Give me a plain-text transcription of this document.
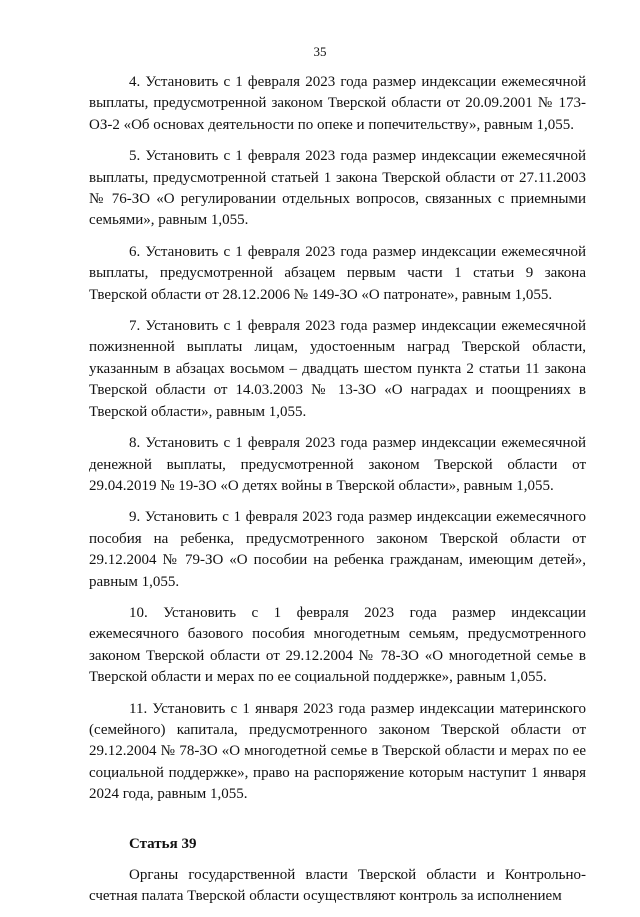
35

4. Установить с 1 февраля 2023 года размер индексации ежемесячной выплаты, предусмотренной законом Тверской области от 20.09.2001 № 173-ОЗ-2 «Об основах деятельности по опеке и попечительству», равным 1,055.

5. Установить с 1 февраля 2023 года размер индексации ежемесячной выплаты, предусмотренной статьей 1 закона Тверской области от 27.11.2003 № 76-ЗО «О регулировании отдельных вопросов, связанных с приемными семьями», равным 1,055.

6. Установить с 1 февраля 2023 года размер индексации ежемесячной выплаты, предусмотренной абзацем первым части 1 статьи 9 закона Тверской области от 28.12.2006 № 149-ЗО «О патронате», равным 1,055.

7. Установить с 1 февраля 2023 года размер индексации ежемесячной пожизненной выплаты лицам, удостоенным наград Тверской области, указанным в абзацах восьмом – двадцать шестом пункта 2 статьи 11 закона Тверской области от 14.03.2003 № 13-ЗО «О наградах и поощрениях в Тверской области», равным 1,055.

8. Установить с 1 февраля 2023 года размер индексации ежемесячной денежной выплаты, предусмотренной законом Тверской области от 29.04.2019 № 19-ЗО «О детях войны в Тверской области», равным 1,055.

9. Установить с 1 февраля 2023 года размер индексации ежемесячного пособия на ребенка, предусмотренного законом Тверской области от 29.12.2004 № 79-ЗО «О пособии на ребенка гражданам, имеющим детей», равным 1,055.

10. Установить с 1 февраля 2023 года размер индексации ежемесячного базового пособия многодетным семьям, предусмотренного законом Тверской области от 29.12.2004 № 78-ЗО «О многодетной семье в Тверской области и мерах по ее социальной поддержке», равным 1,055.

11. Установить с 1 января 2023 года размер индексации материнского (семейного) капитала, предусмотренного законом Тверской области от 29.12.2004 № 78-ЗО «О многодетной семье в Тверской области и мерах по ее социальной поддержке», право на распоряжение которым наступит 1 января 2024 года, равным 1,055.

Статья 39

Органы государственной власти Тверской области и Контрольно-счетная палата Тверской области осуществляют контроль за исполнением
